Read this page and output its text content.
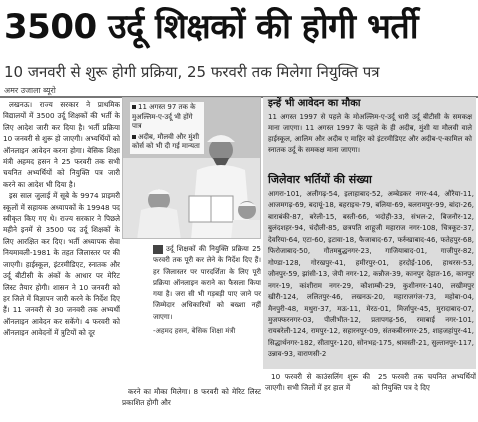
3500 उर्दू शिक्षकों की होगी भर्ती
10 जनवरी से शुरू होगी प्रक्रिया, 25 फरवरी तक मिलेगा नियुक्ति पत्र
अमर उजाला ब्यूरो

लखनऊ। राज्य सरकार ने प्राथमिक विद्यालयों में 3500 उर्दू शिक्षकों की भर्ती के लिए आदेश जारी कर दिया है। भर्ती प्रक्रिया 10 जनवरी से शुरू हो जाएगी। अभ्यर्थियों को ऑनलाइन आवेदन करना होगा। बेसिक शिक्षा मंत्री अहमद हसन ने 25 फरवरी तक सभी चयनित अभ्यर्थियों को नियुक्ति पत्र जारी करने का आदेश भी दिया है।

इस साल जुलाई में सूबे के 9974 प्राइमरी स्कूलों में सहायक अध्यापकों के 19948 पद स्वीकृत किए गए थे। राज्य सरकार ने पिछले महीने इनमें से 3500 पद उर्दू शिक्षकों के लिए आरक्षित कर दिए। भर्ती अध्यापक सेवा नियमावली-1981 के तहत जिलास्तर पर की जाएगी। हाईस्कूल, इंटरमीडिएट, स्नातक और उर्दू बीटीसी के अंकों के आधार पर मेरिट लिस्ट तैयार होगी। शासन ने 10 जनवरी को हर जिले में विज्ञापन जारी करने के निर्देश दिए हैं। 11 जनवरी से 30 जनवरी तक अभ्यर्थी ऑनलाइन आवेदन कर सकेंगे। 4 फरवरी को ऑनलाइन आवेदनों में त्रुटियों को दूर

11 अगस्त 97 तक के मुअल्लिम-ए-उर्दू भी होंगे पात्र
अदीब, मौलवी और मुंशी कोर्स को भी दी गई मान्यता
उर्दू शिक्षकों की नियुक्ति प्रक्रिया 25 फरवरी तक पूरी कर लेने के निर्देश दिए हैं। हर जिलास्तर पर पारदर्शिता के लिए पूरी प्रक्रिया ऑनलाइन कराने का फैसला किया गया है। जरा सी भी गड़बड़ी पाए जाने पर जिम्मेदार अधिकारियों को बख्शा नहीं जाएगा।
-अहमद हसन, बेसिक शिक्षा मंत्री

करने का मौका मिलेगा। 8 फरवरी को मेरिट लिस्ट प्रकाशित होगी और

इन्हें भी आवेदन का मौका
11 अगस्त 1997 से पहले के मोअल्लिम-ए-उर्दू धारी उर्दू बीटीसी के समकक्ष माना जाएगा। 11 अगस्त 1997 के पहले के ही अदीब, मुंशी या मौलवी वाले हाईस्कूल, आलिम और अदीब ए माहिर को इंटरमीडिएट और अदीब-ए-कामिल को स्नातक उर्दू के समकक्ष माना जाएगा।
जिलेवार भर्तियों की संख्या
आगरा-101, अलीगढ़-54, इलाहाबाद-52, अम्बेडकर नगर-44, औरैया-11, आजमगढ़-69, बदायूं-18, बहराइच-79, बलिया-69, बलरामपुर-99, बांदा-26, बाराबंकी-87, बरेली-15, बस्ती-66, भदोही-33, संभल-2, बिजनौर-12, बुलंदशहर-94, चंदौली-85, छत्रपति शाहूजी महाराज नगर-108, चित्रकूट-37, देवरिया-64, एटा-60, इटावा-18, फैजाबाद-67, फर्रुखाबाद-46, फतेहपुर-68, फिरोजाबाद-50, गौतमबुद्धनगर-23, गाजियाबाद-01, गाजीपुर-82, गोण्डा-128, गोरखपुर-41, हमीरपुर-01, हरदोई-106, हाथरस-53, जौनपुर-59, झांसी-13, जेपी नगर-12, कन्नौज-39, कानपुर देहात-16, कानपुर नगर-19, कांशीराम नगर-29, कौशाम्बी-29, कुशीनगर-140, लखीमपुर खीरी-124, ललितपुर-46, लखनऊ-20, महाराजगंज-73, महोबा-04, मैनपुरी-48, मथुरा-37, मऊ-11, मेरठ-01, मिर्जापुर-45, मुरादाबाद-07, मुजफ्फरनगर-03, पीलीभीत-12, प्रतापगढ़-56, रमाबाई नगर-101, रायबरेली-124, रामपुर-12, सहारनपुर-09, संतकबीरनगर-25, शाहजहांपुर-41, सिद्धार्थनगर-182, सीतापुर-120, सोनभद्र-175, श्रावस्ती-21, सुल्तानपुर-117, उन्नाव-93, वाराणसी-2

10 फरवरी से काउंसलिंग शुरू की जाएगी। सभी जिलों में हर हाल में

25 फरवरी तक चयनित अभ्यर्थियों को नियुक्ति पत्र दे दिए
